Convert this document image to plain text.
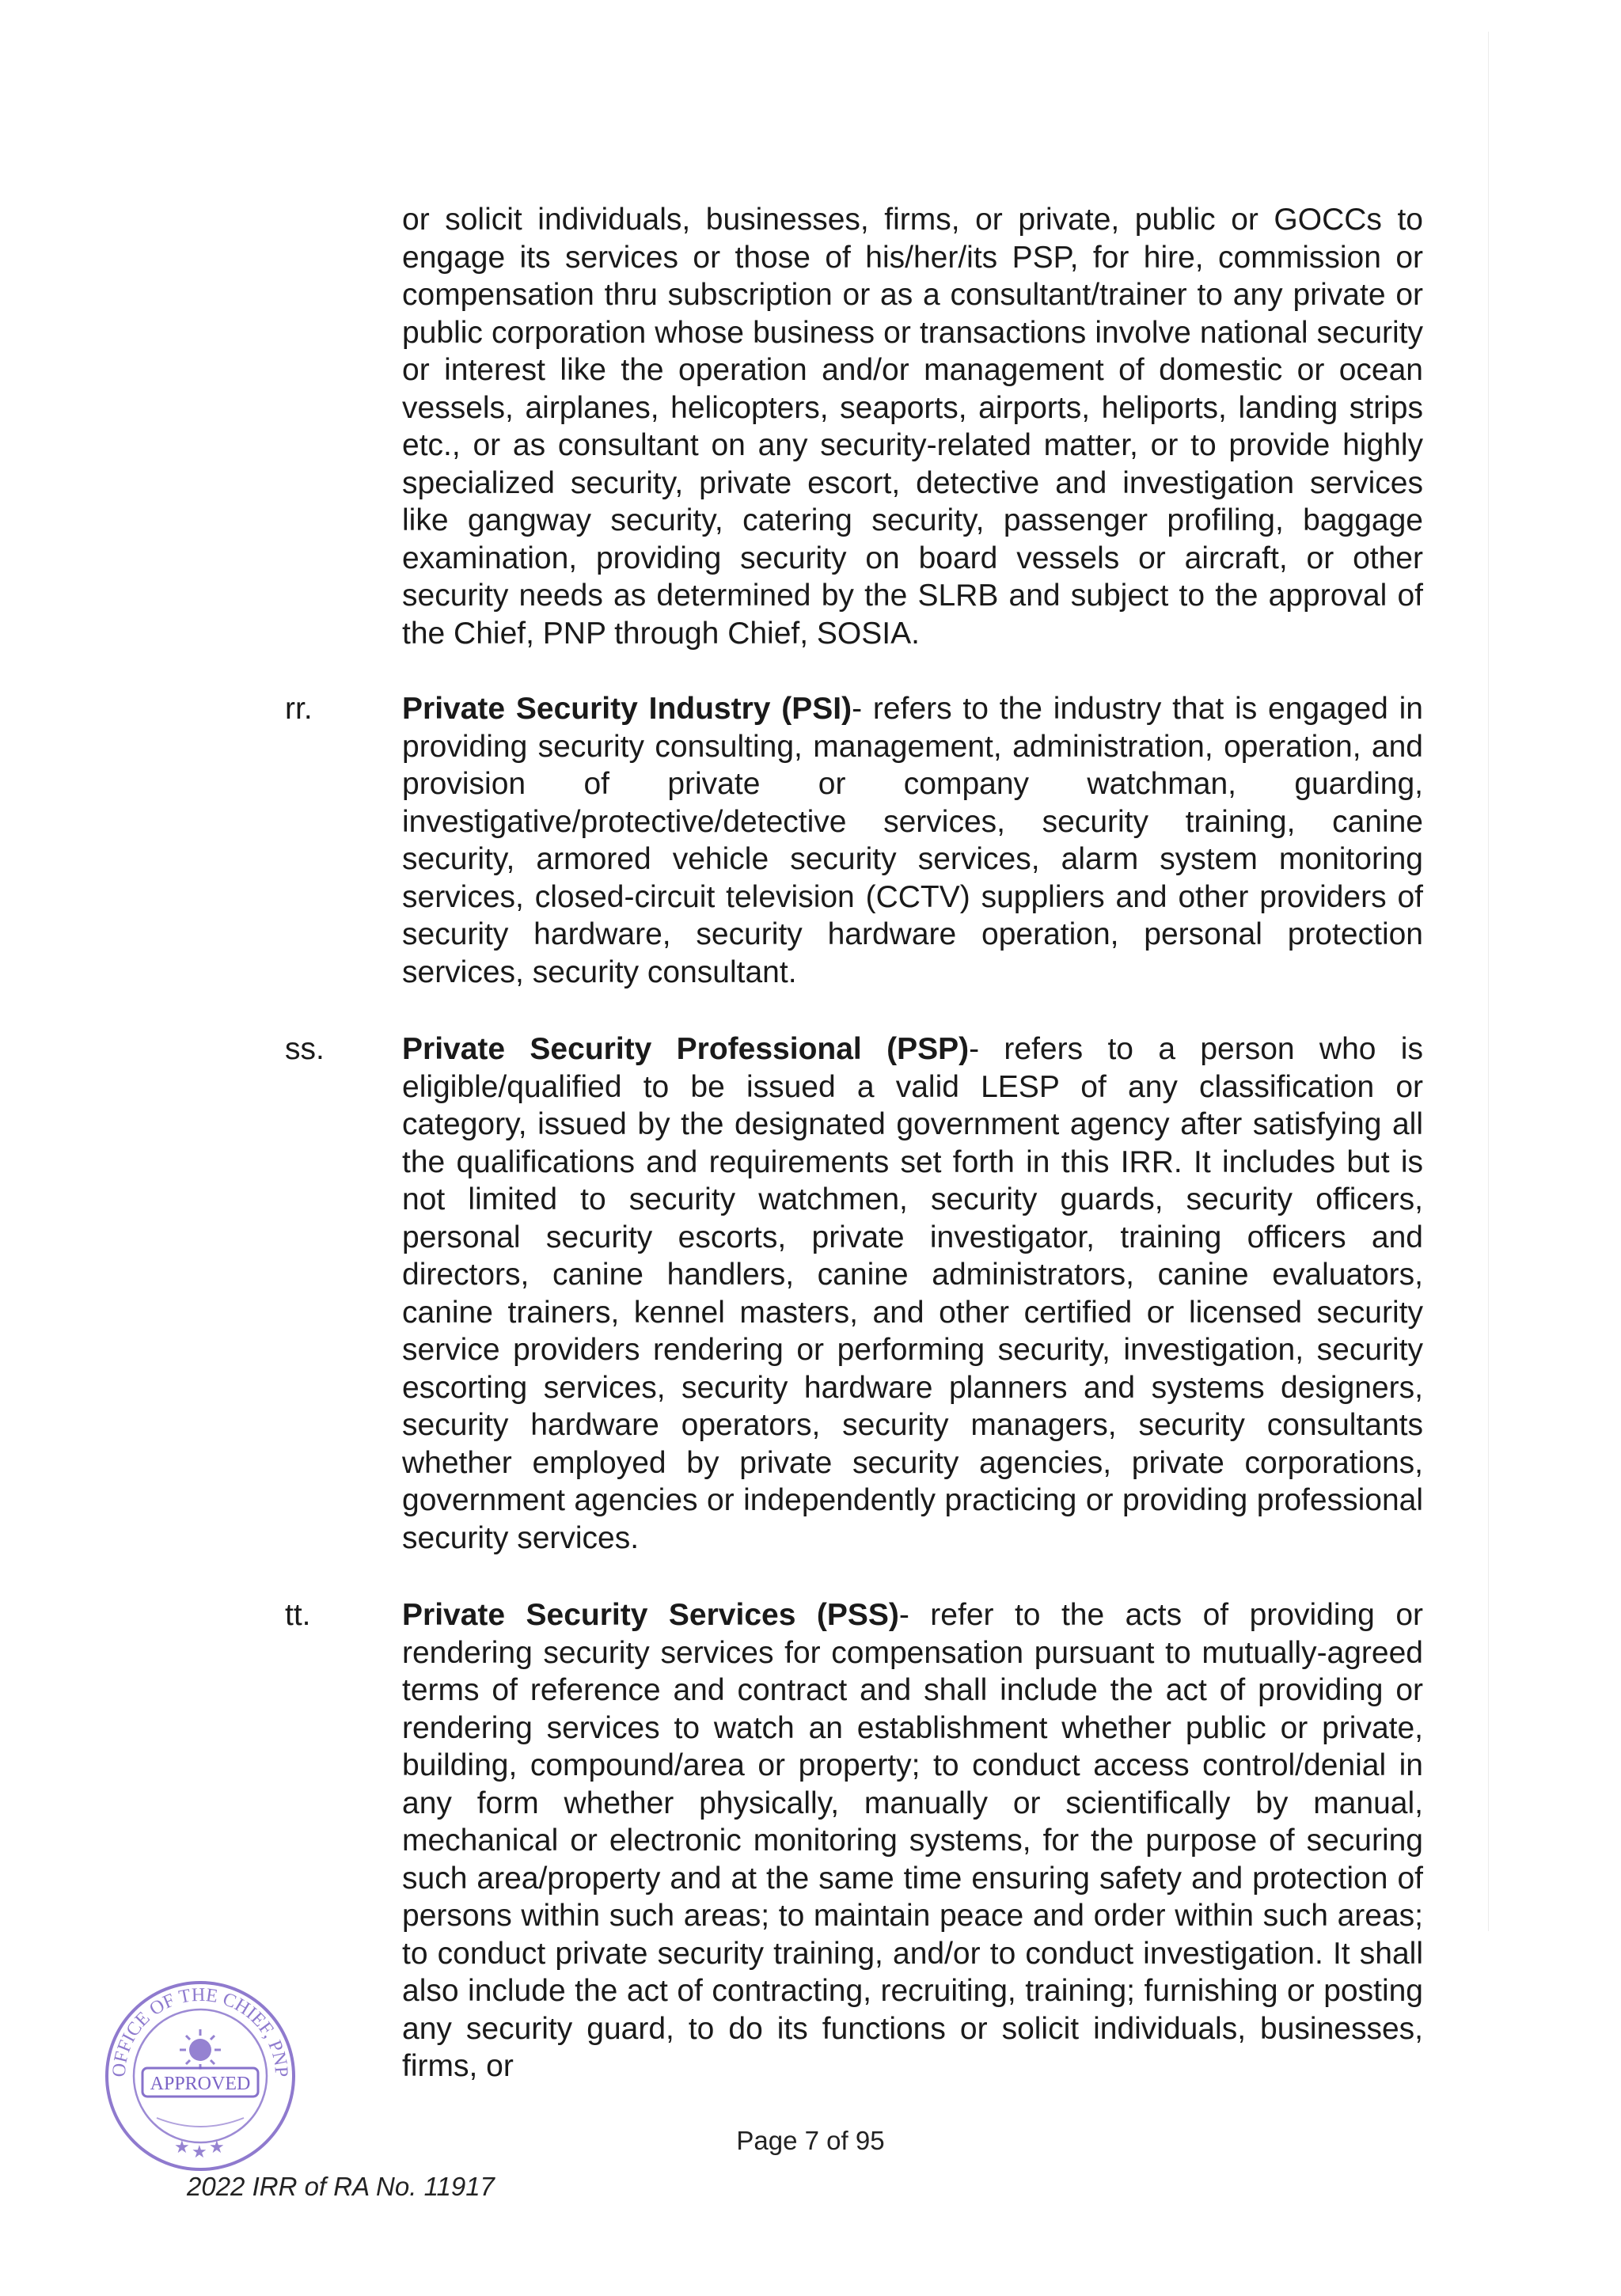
or solicit individuals, businesses, firms, or private, public or GOCCs to engage its services or those of his/her/its PSP, for hire, commission or compensation thru subscription or as a consultant/trainer to any private or public corporation whose business or transactions involve national security or interest like the operation and/or management of domestic or ocean vessels, airplanes, helicopters, seaports, airports, heliports, landing strips etc., or as consultant on any security-related matter, or to provide highly specialized security, private escort, detective and investigation services like gangway security, catering security, passenger profiling, baggage examination, providing security on board vessels or aircraft, or other security needs as determined by the SLRB and subject to the approval of the Chief, PNP through Chief, SOSIA.

rr.	Private Security Industry (PSI)- refers to the industry that is engaged in providing security consulting, management, administration, operation, and provision of private or company watchman, guarding, investigative/protective/detective services, security training, canine security, armored vehicle security services, alarm system monitoring services, closed-circuit television (CCTV) suppliers and other providers of security hardware, security hardware operation, personal protection services, security consultant.

ss.	Private Security Professional (PSP)- refers to a person who is eligible/qualified to be issued a valid LESP of any classification or category, issued by the designated government agency after satisfying all the qualifications and requirements set forth in this IRR. It includes but is not limited to security watchmen, security guards, security officers, personal security escorts, private investigator, training officers and directors, canine handlers, canine administrators, canine evaluators, canine trainers, kennel masters, and other certified or licensed security service providers rendering or performing security, investigation, security escorting services, security hardware planners and systems designers, security hardware operators, security managers, security consultants whether employed by private security agencies, private corporations, government agencies or independently practicing or providing professional security services.

tt.	Private Security Services (PSS)- refer to the acts of providing or rendering security services for compensation pursuant to mutually-agreed terms of reference and contract and shall include the act of providing or rendering services to watch an establishment whether public or private, building, compound/area or property; to conduct access control/denial in any form whether physically, manually or scientifically by manual, mechanical or electronic monitoring systems, for the purpose of securing such area/property and at the same time ensuring safety and protection of persons within such areas; to maintain peace and order within such areas; to conduct private security training, and/or to conduct investigation. It shall also include the act of contracting, recruiting, training; furnishing or posting any security guard, to do its functions or solicit individuals, businesses, firms, or

OFFICE OF THE CHIEF, PNP
APPROVED
★ ★ ★	Page 7 of 95
2022 IRR of RA No. 11917
